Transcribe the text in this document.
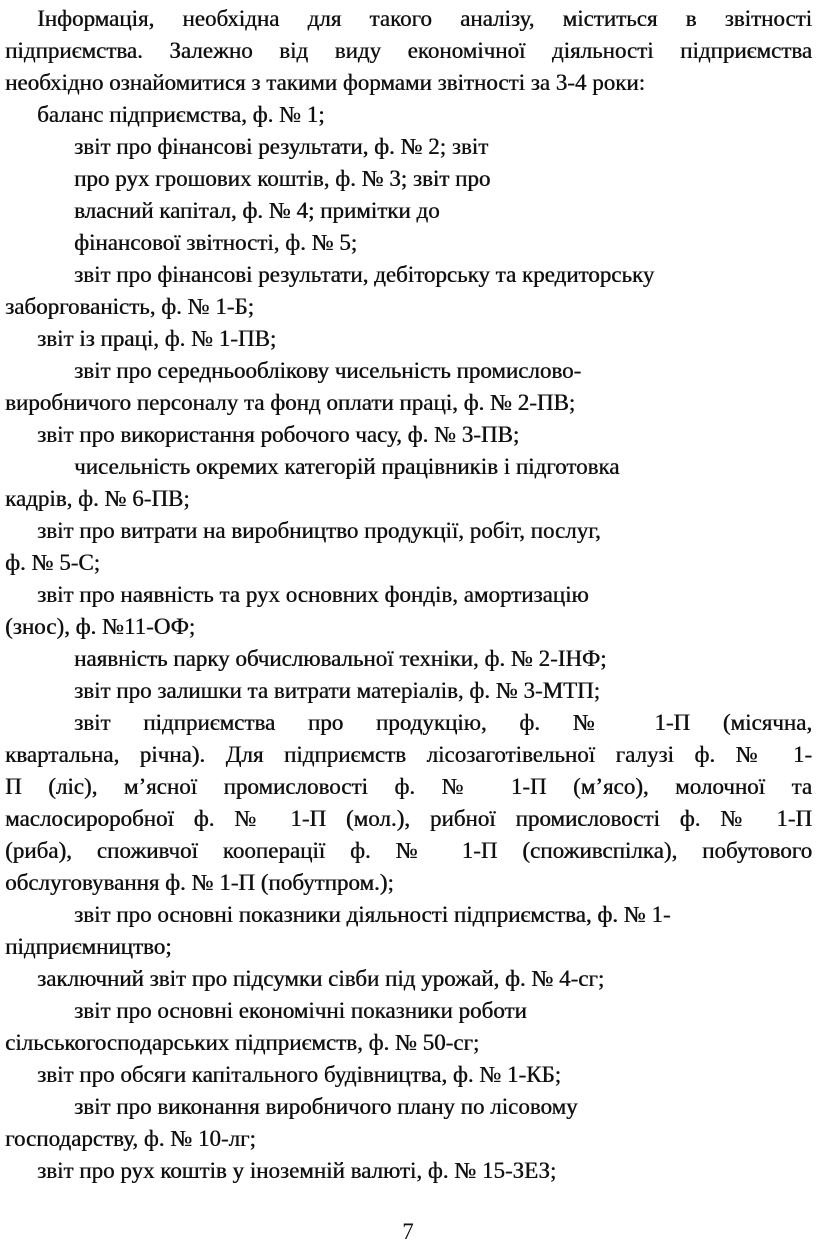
Інформація, необхідна для такого аналізу, міститься в звітності

підприємства. Залежно від виду економічної діяльності підприємства

необхідно ознайомитися з такими формами звітності за 3-4 роки:

баланс підприємства, ф. № 1;

звіт про фінансові результати, ф. № 2; звіт

про рух грошових коштів, ф. № 3; звіт про

власний капітал, ф. № 4; примітки до

фінансової звітності, ф. № 5;

звіт про фінансові результати, дебіторську та кредиторську

заборгованість, ф. № 1-Б;

звіт із праці, ф. № 1-ПВ;

звіт про середньооблікову чисельність промислово-

виробничого персоналу та фонд оплати праці, ф. № 2-ПВ;

звіт про використання робочого часу, ф. № 3-ПВ;

чисельність окремих категорій працівників і підготовка

кадрів, ф. № 6-ПВ;

звіт про витрати на виробництво продукції, робіт, послуг,

ф. № 5-С;

звіт про наявність та рух основних фондів, амортизацію

(знос), ф. №11-ОФ;

наявність парку обчислювальної техніки, ф. № 2-ІНФ;

звіт про залишки та витрати матеріалів, ф. № 3-МТП;

звіт підприємства про продукцію, ф. № 1-П (місячна,

квартальна, річна). Для підприємств лісозаготівельної галузі ф. № 1-

П (ліс), м’ясної промисловості ф. № 1-П (м’ясо), молочної та

маслосироробної ф. № 1-П (мол.), рибної промисловості ф. № 1-П

(риба), споживчої кооперації ф. № 1-П (споживспілка), побутового

обслуговування ф. № 1-П (побутпром.);

звіт про основні показники діяльності підприємства, ф. № 1-

підприємництво;

заключний звіт про підсумки сівби під урожай, ф. № 4-сг;

звіт про основні економічні показники роботи

сільськогосподарських підприємств, ф. № 50-сг;

звіт про обсяги капітального будівництва, ф. № 1-КБ;

звіт про виконання виробничого плану по лісовому

господарству, ф. № 10-лг;

звіт про рух коштів у іноземній валюті, ф. № 15-ЗЕЗ;

7
